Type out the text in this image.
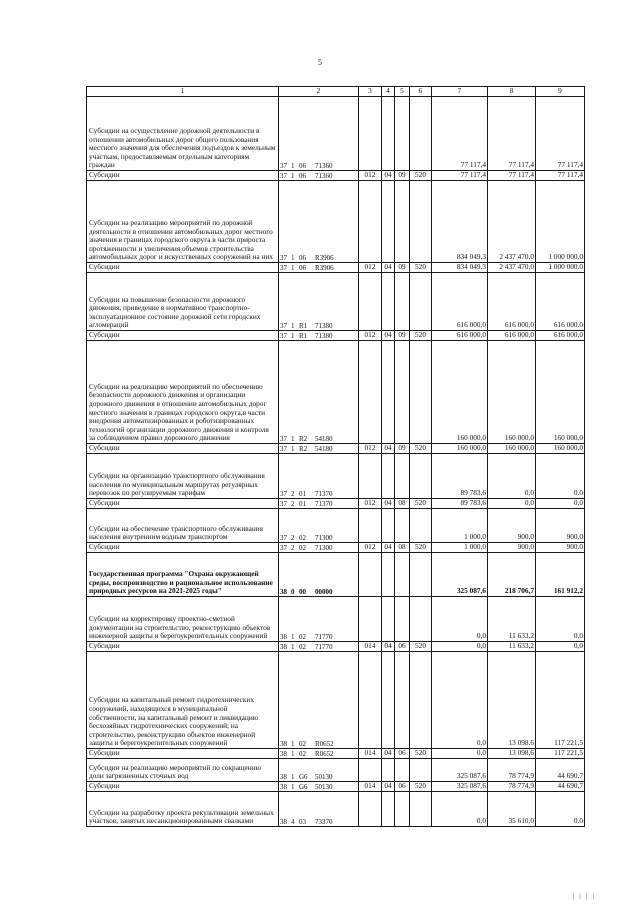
5
1	2	3	4	5	6	7	8	9
Субсидии на осуществление дорожной деятельности в отношении автомобильных дорог общего пользования местного значения для обеспечения подъездов к земельным участкам, предоставляемым отдельным категориям граждан	37 1 06 71360					77 117,4	77 117,4	77 117,4
Субсидии	37 1 06 71360	012	04	09	520	77 117,4	77 117,4	77 117,4
Субсидии на реализацию мероприятий по дорожной деятельности в отношении автомобильных дорог местного значения в границах городского округа в части прироста протяженности и увеличения объемов строительства автомобильных дорог и искусственных сооружений на них	37 1 06 R3906					834 049,3	2 437 470,0	1 000 000,0
Субсидии	37 1 06 R3906	012	04	09	520	834 049,3	2 437 470,0	1 000 000,0
Субсидии на повышение безопасности дорожного движения, приведение в нормативное транспортно-эксплуатационное состояние дорожной сети городских агломераций	37 1 R1 71380					616 000,0	616 000,0	616 000,0
Субсидии	37 1 R1 71380	012	04	09	520	616 000,0	616 000,0	616 000,0
Субсидии на реализацию мероприятий по обеспечению безопасности дорожного движения и организации дорожного движения в отношении автомобильных дорог местного значения в границах городского округа,в части внедрения автоматизированных и роботизированных технологий организации дорожного движения и контроля за соблюдением правил дорожного движения	37 1 R2 54180					160 000,0	160 000,0	160 000,0
Субсидии	37 1 R2 54180	012	04	09	520	160 000,0	160 000,0	160 000,0
Субсидии на организацию транспортного обслуживания населения по муниципальным маршрутах регулярных перевозок по регулируемым тарифам	37 2 01 71370					89 783,6	0,0	0,0
Субсидии	37 2 01 71370	012	04	08	520	89 783,6	0,0	0,0
Субсидии на обеспечение транспортного обслуживания населения внутренним водным транспортом	37 2 02 71300					1 000,0	900,0	900,0
Субсидии	37 2 02 71300	012	04	08	520	1 000,0	900,0	900,0
Государственная программа "Охрана окружающей среды, воспроизводство и рациональное использование природных ресурсов на 2021-2025 годы"	38 0 00 00000					325 087,6	218 706,7	161 912,2
Субсидии на корректировку проектно-сметной документации на строительство, реконструкцию объектов инженерной защиты и берегоукрепительных сооружений	38 1 02 71770					0,0	11 633,2	0,0
Субсидии	38 1 02 71770	014	04	06	520	0,0	11 633,2	0,0
Субсидии на капитальный ремонт гидротехнических сооружений, находящихся в муниципальной собственности, на капитальный ремонт и ликвидацию бесхозяйных гидротехнических сооружений; на строительство, реконструкцию объектов инженерной защиты и берегоукрепительных сооружений	38 1 02 R0652					0,0	13 098,6	117 221,5
Субсидии	38 1 02 R0652	014	04	06	520	0,0	13 098,6	117 221,5
Субсидии на реализацию мероприятий по сокращению доли загрязненных сточных вод	38 1 G6 50130					325 087,6	78 774,9	44 690,7
Субсидии	38 1 G6 50130	014	04	06	520	325 087,6	78 774,9	44 690,7
Субсидии на разработку проекта рекультивации земельных участков, занятых несанкционированными свалками	38 4 03 73370					0,0	35 610,0	0,0
| | | |
